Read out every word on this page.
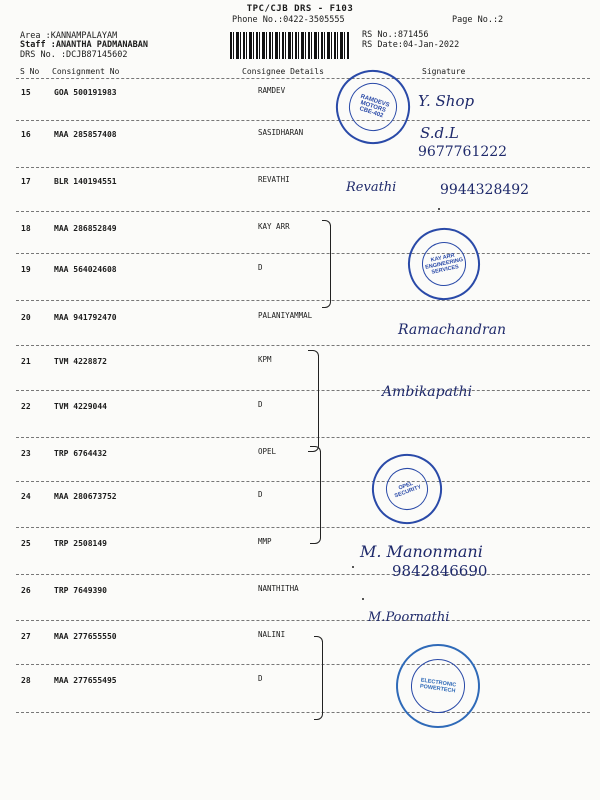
TPC/CJB DRS - F103
Phone No.:0422-3505555	Page No.:2
Area :KANNAMPALAYAM
Staff :ANANTHA PADMANABAN
DRS No. :DCJB87145602
RS No.:871456
RS Date:04-Jan-2022
S No Consignment No	Consignee Details	Signature
15	GOA 500191983	RAMDEV
16	MAA 285857408	SASIDHARAN
17	BLR 140194551	REVATHI
18	MAA 286852849	KAY ARR
19	MAA 564024608	D
20	MAA 941792470	PALANIYAMMAL
21	TVM 4228872	KPM
22	TVM 4229044	D
23	TRP 6764432	OPEL
24	MAA 280673752	D
25	TRP 2508149	MMP
26	TRP 7649390	NANTHITHA
27	MAA 277655550	NALINI
28	MAA 277655495	D
RAMDEVS MOTORS CBE-402
KAY ARR ENGINEERING SERVICES
OPEL SECURITY
ELECTRONIC POWERTECH
Y. Shop
S.d.L
9677761222
Revathi	9944328492
Ramachandran
Ambikapathi
M. Manonmani
9842846690
M.Poornathi
